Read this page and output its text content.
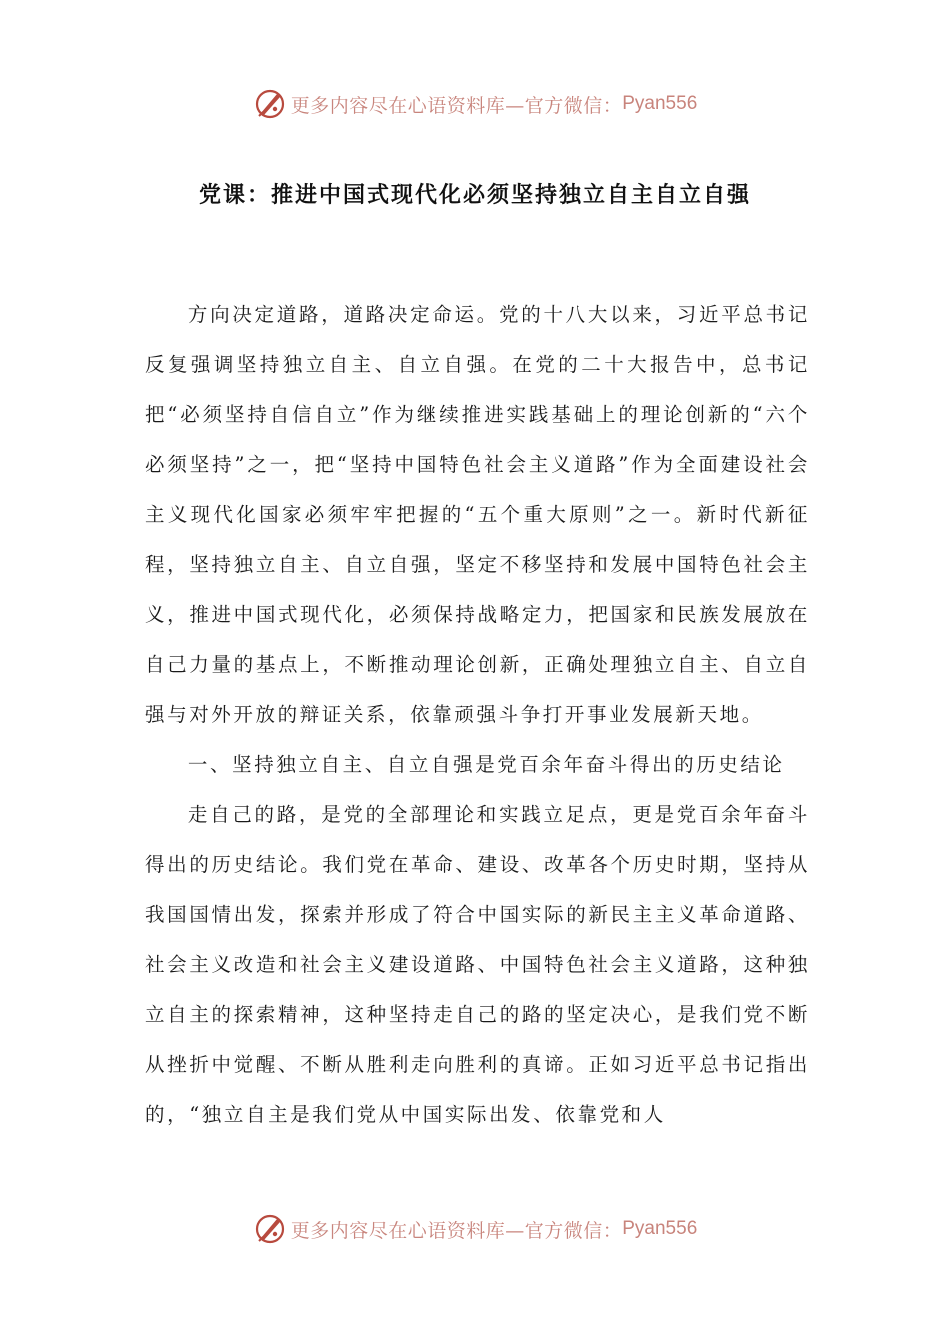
更多内容尽在心语资料库—官方微信： Pyan556
党课：推进中国式现代化必须坚持独立自主自立自强

方向决定道路，道路决定命运。党的十八大以来，习近平总书记反复强调坚持独立自主、自立自强。在党的二十大报告中，总书记把“必须坚持自信自立”作为继续推进实践基础上的理论创新的“六个必须坚持”之一，把“坚持中国特色社会主义道路”作为全面建设社会主义现代化国家必须牢牢把握的“五个重大原则”之一。新时代新征程，坚持独立自主、自立自强，坚定不移坚持和发展中国特色社会主义，推进中国式现代化，必须保持战略定力，把国家和民族发展放在自己力量的基点上，不断推动理论创新，正确处理独立自主、自立自强与对外开放的辩证关系，依靠顽强斗争打开事业发展新天地。

一、坚持独立自主、自立自强是党百余年奋斗得出的历史结论

走自己的路，是党的全部理论和实践立足点，更是党百余年奋斗得出的历史结论。我们党在革命、建设、改革各个历史时期，坚持从我国国情出发，探索并形成了符合中国实际的新民主主义革命道路、社会主义改造和社会主义建设道路、中国特色社会主义道路，这种独立自主的探索精神，这种坚持走自己的路的坚定决心，是我们党不断从挫折中觉醒、不断从胜利走向胜利的真谛。正如习近平总书记指出的，“独立自主是我们党从中国实际出发、依靠党和人

更多内容尽在心语资料库—官方微信： Pyan556
